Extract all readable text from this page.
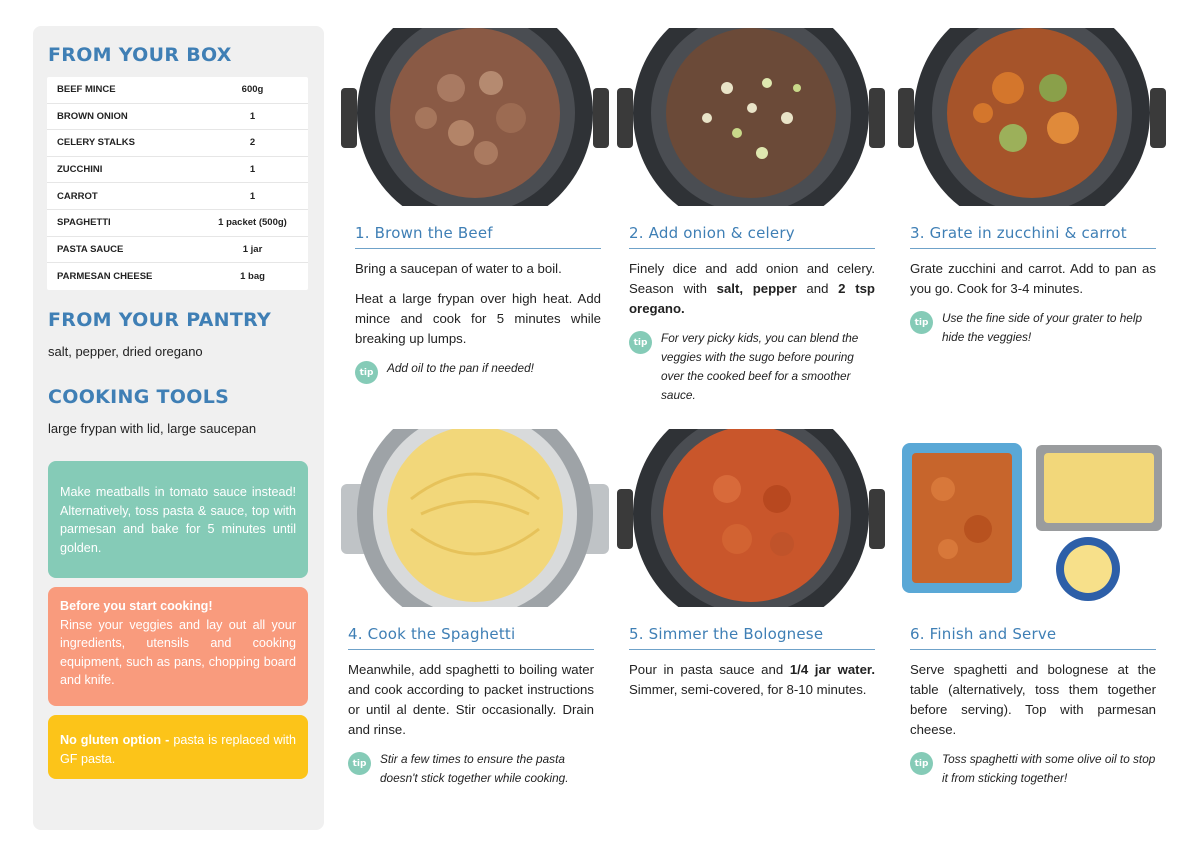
FROM YOUR BOX
BEEF MINCE	600g
BROWN ONION	1
CELERY STALKS	2
ZUCCHINI	1
CARROT	1
SPAGHETTI	1 packet (500g)
PASTA SAUCE	1 jar
PARMESAN CHEESE	1 bag
FROM YOUR PANTRY
salt, pepper, dried oregano
COOKING TOOLS
large frypan with lid, large saucepan
Make meatballs in tomato sauce instead! Alternatively, toss pasta & sauce, top with parmesan and bake for 5 minutes until golden.
Before you start cooking!
Rinse your veggies and lay out all your ingredients, utensils and cooking equipment, such as pans, chopping board and knife.
No gluten option - pasta is replaced with GF pasta.
1. Brown the Beef

Bring a saucepan of water to a boil.

Heat a large frypan over high heat. Add mince and cook for 5 minutes while breaking up lumps.

tip	Add oil to the pan if needed!
2. Add onion & celery

Finely dice and add onion and celery. Season with salt, pepper and 2 tsp oregano.

tip	For very picky kids, you can blend the veggies with the sugo before pouring over the cooked beef for a smoother sauce.
3. Grate in zucchini & carrot

Grate zucchini and carrot. Add to pan as you go. Cook for 3-4 minutes.

tip	Use the fine side of your grater to help hide the veggies!
4. Cook the Spaghetti

Meanwhile, add spaghetti to boiling water and cook according to packet instructions or until al dente. Stir occasionally. Drain and rinse.

tip	Stir a few times to ensure the pasta doesn't stick together while cooking.
5. Simmer the Bolognese

Pour in pasta sauce and 1/4 jar water. Simmer, semi-covered, for 8-10 minutes.

6. Finish and Serve

Serve spaghetti and bolognese at the table (alternatively, toss them together before serving). Top with parmesan cheese.

tip	Toss spaghetti with some olive oil to stop it from sticking together!
